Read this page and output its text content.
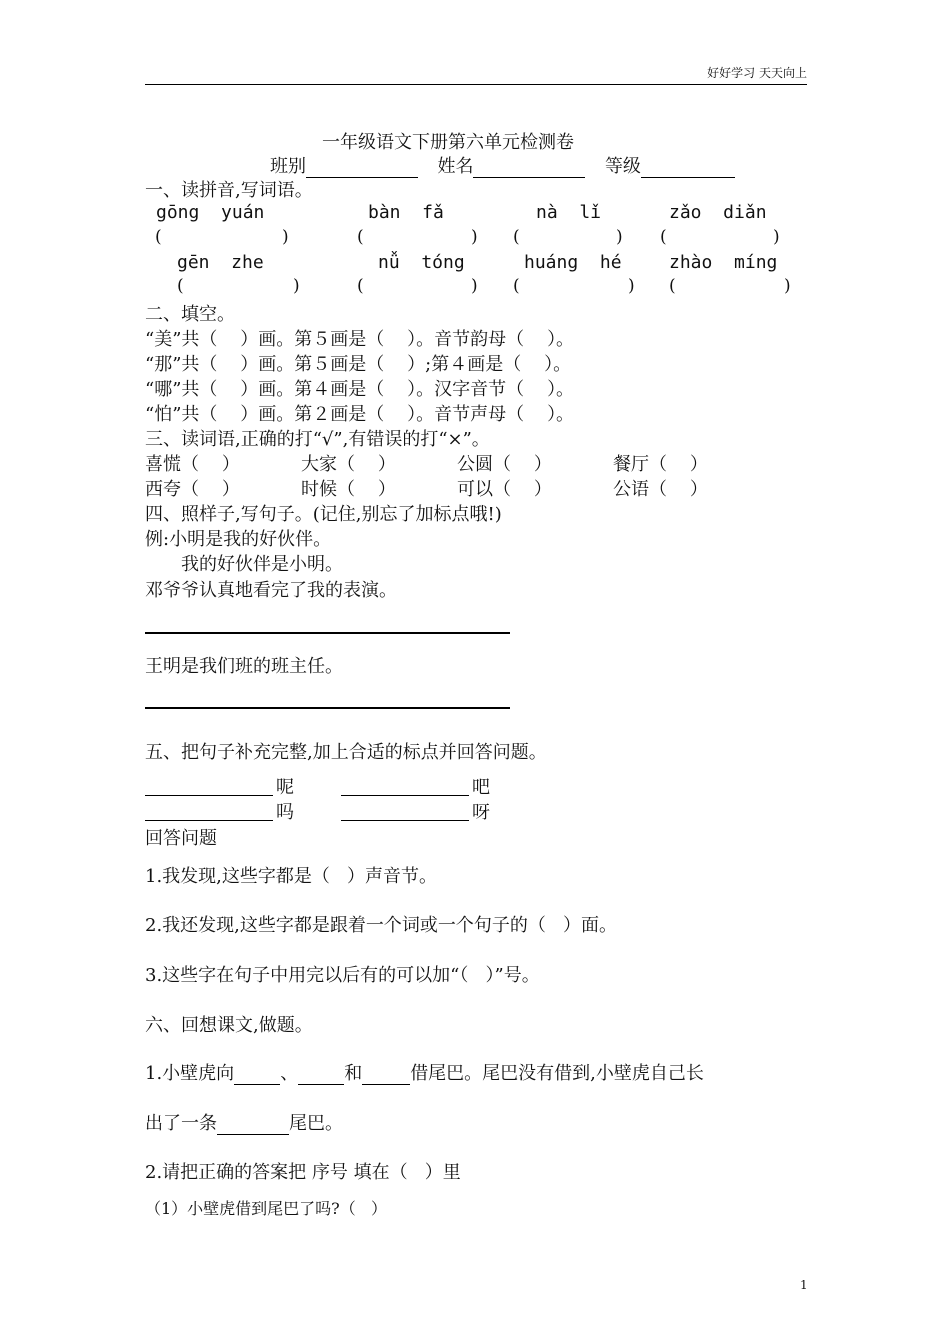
好好学习 天天向上
一年级语文下册第六单元检测卷
班别	姓名	等级
一、读拼音,写词语。
gōng  yuán	bàn  fǎ	nà  lǐ	zǎo  diǎn
(	)	(	) (	) (	)
gēn  zhe	nǚ  tóng	huáng  hé	zhào  míng
(	)	(	) (	) (	)
二、填空。
“美”共（    ）画。第５画是（    ）。音节韵母（    ）。
“那”共（    ）画。第５画是（    ）;第４画是（    ）。
“哪”共（    ）画。第４画是（    ）。汉字音节（    ）。
“怕”共（    ）画。第２画是（    ）。音节声母（    ）。
三、读词语,正确的打“√”,有错误的打“×”。
喜慌（    ）	大家（    ）	公圆（    ）	餐厅（    ）
西夸（    ）	时候（    ）	可以（    ）	公语（    ）
四、照样子,写句子。(记住,别忘了加标点哦!)
例:小明是我的好伙伴。
我的好伙伴是小明。
邓爷爷认真地看完了我的表演。
王明是我们班的班主任。
五、把句子补充完整,加上合适的标点并回答问题。
呢	吧
吗	呀
回答问题
1.我发现,这些字都是（   ）声音节。
2.我还发现,这些字都是跟着一个词或一个句子的（   ）面。
3.这些字在句子中用完以后有的可以加“（   ）”号。
六、回想课文,做题。
1.小壁虎向	、	和	借尾巴。尾巴没有借到,小壁虎自己长
出了一条	尾巴。
2.请把正确的答案把 序号 填在（   ）里
（1）小壁虎借到尾巴了吗?（   ）
1
